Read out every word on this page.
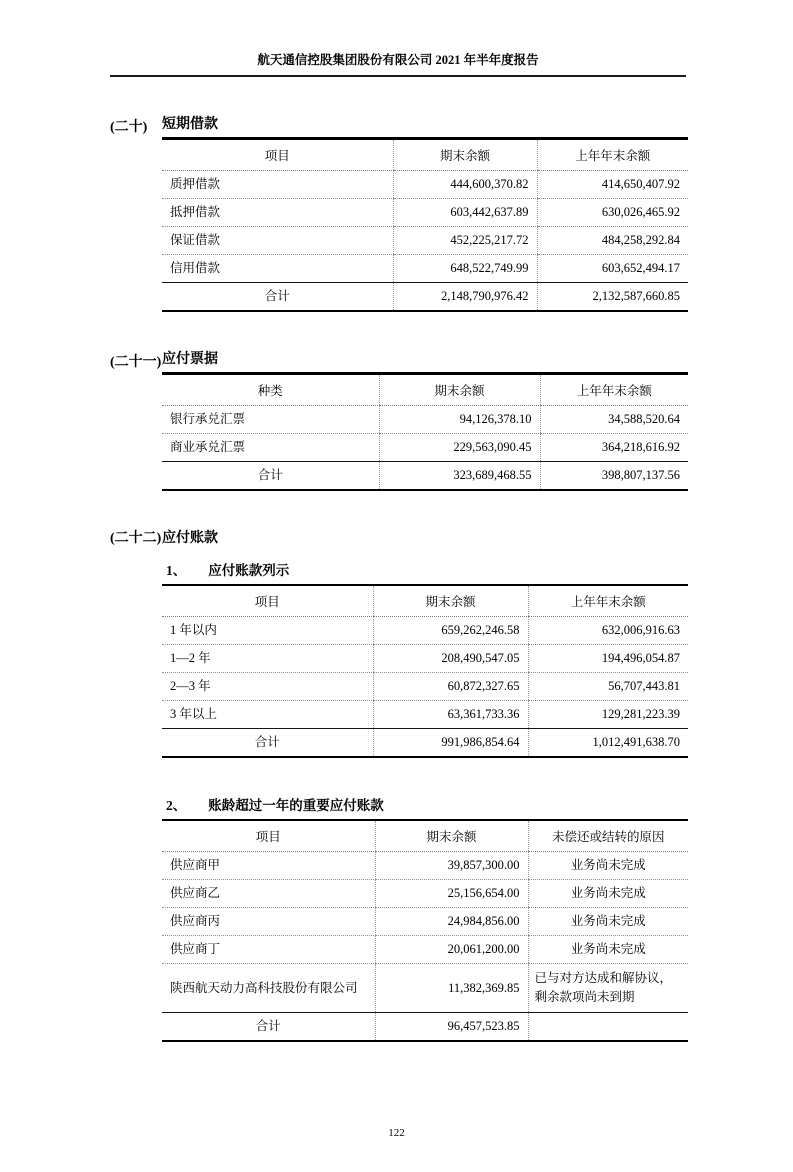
航天通信控股集团股份有限公司 2021 年半年度报告
(二十)	短期借款
项目	期末余额	上年年末余额
质押借款	444,600,370.82	414,650,407.92
抵押借款	603,442,637.89	630,026,465.92
保证借款	452,225,217.72	484,258,292.84
信用借款	648,522,749.99	603,652,494.17
合计	2,148,790,976.42	2,132,587,660.85
(二十一) 应付票据
种类	期末余额	上年年末余额
银行承兑汇票	94,126,378.10	34,588,520.64
商业承兑汇票	229,563,090.45	364,218,616.92
合计	323,689,468.55	398,807,137.56
(二十二) 应付账款
1、 应付账款列示
项目	期末余额	上年年末余额
1 年以内	659,262,246.58	632,006,916.63
1—2 年	208,490,547.05	194,496,054.87
2—3 年	60,872,327.65	56,707,443.81
3 年以上	63,361,733.36	129,281,223.39
合计	991,986,854.64	1,012,491,638.70
2、 账龄超过一年的重要应付账款
项目	期末余额	未偿还或结转的原因
供应商甲	39,857,300.00	业务尚未完成
供应商乙	25,156,654.00	业务尚未完成
供应商丙	24,984,856.00	业务尚未完成
供应商丁	20,061,200.00	业务尚未完成
陕西航天动力高科技股份有限公司	11,382,369.85	已与对方达成和解协议，剩余款项尚未到期
合计	96,457,523.85	
122
